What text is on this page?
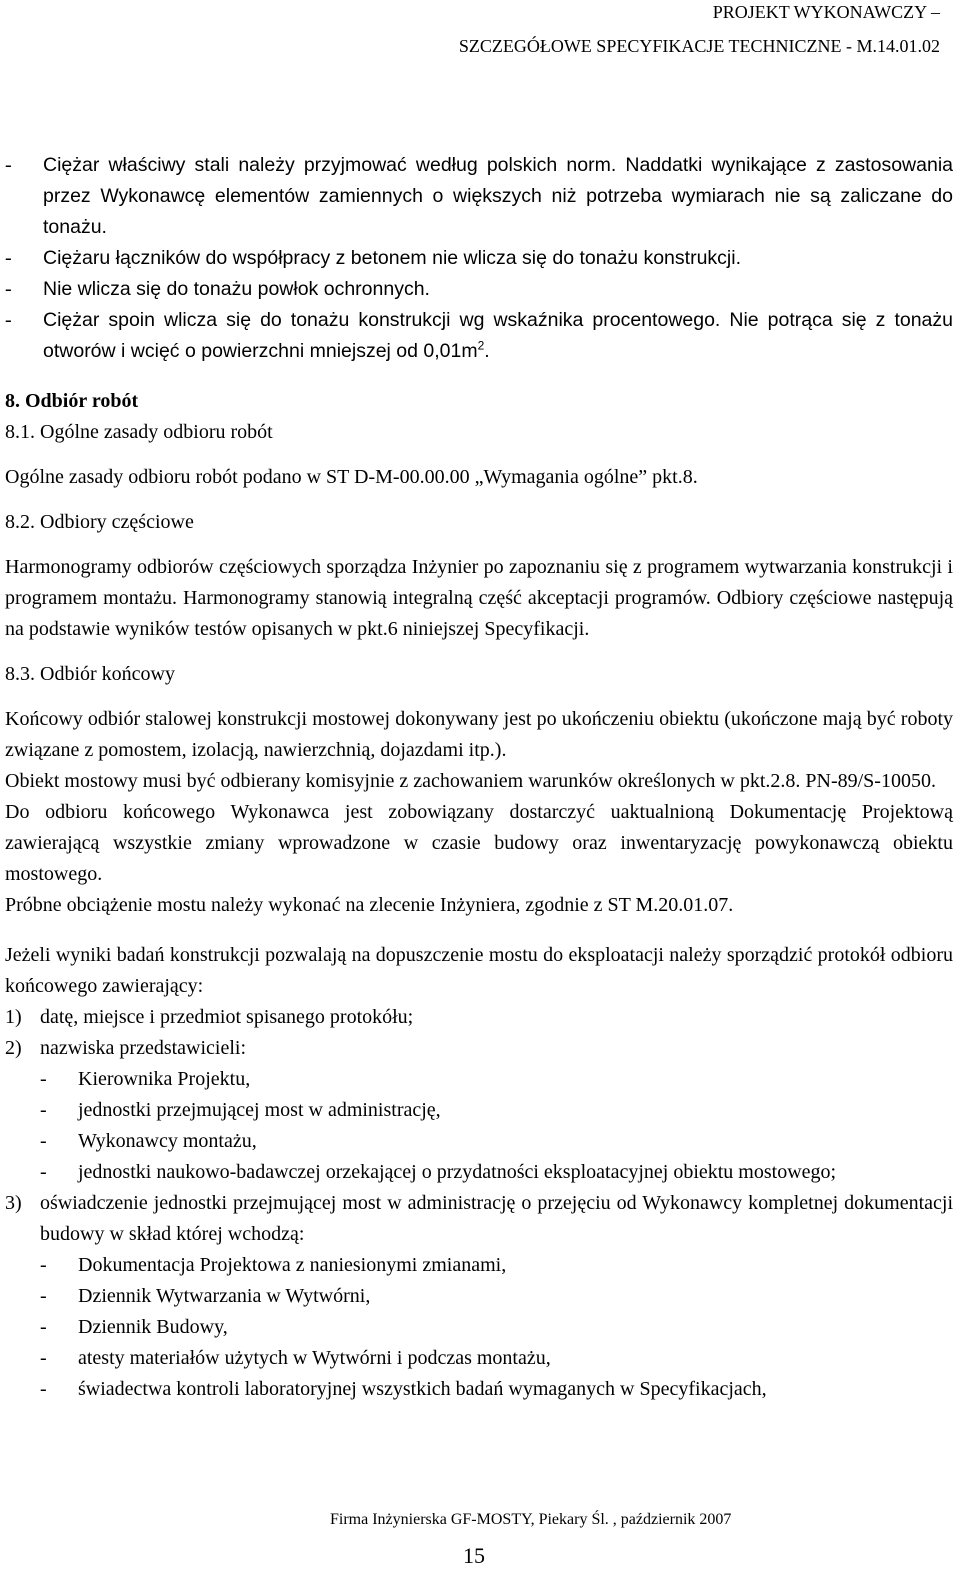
PROJEKT WYKONAWCZY –
SZCZEGÓŁOWE SPECYFIKACJE TECHNICZNE - M.14.01.02
-	Ciężar właściwy stali należy przyjmować według polskich norm. Naddatki wynikające z zastosowania przez Wykonawcę elementów zamiennych o większych niż potrzeba wymiarach nie są zaliczane do tonażu.
-	Ciężaru łączników do współpracy z betonem nie wlicza się do tonażu konstrukcji.
-	Nie wlicza się do tonażu powłok ochronnych.
-	Ciężar spoin wlicza się do tonażu konstrukcji wg wskaźnika procentowego. Nie potrąca się z tonażu otworów i wcięć o powierzchni mniejszej od $0,01m^2$.
8. Odbiór robót
8.1. Ogólne zasady odbioru robót
Ogólne zasady odbioru robót podano w ST D-M-00.00.00 „Wymagania ogólne” pkt.8.
8.2. Odbiory częściowe
Harmonogramy odbiorów częściowych sporządza Inżynier po zapoznaniu się z programem wytwarzania konstrukcji i programem montażu. Harmonogramy stanowią integralną część akceptacji programów. Odbiory częściowe następują na podstawie wyników testów opisanych w pkt.6 niniejszej Specyfikacji.
8.3. Odbiór końcowy
Końcowy odbiór stalowej konstrukcji mostowej dokonywany jest po ukończeniu obiektu (ukończone mają być roboty związane z pomostem, izolacją, nawierzchnią, dojazdami itp.).
Obiekt mostowy musi być odbierany komisyjnie z zachowaniem warunków określonych w pkt.2.8. PN-89/S-10050.
Do odbioru końcowego Wykonawca jest zobowiązany dostarczyć uaktualnioną Dokumentację Projektową zawierającą wszystkie zmiany wprowadzone w czasie budowy oraz inwentaryzację powykonawczą obiektu mostowego.
Próbne obciążenie mostu należy wykonać na zlecenie Inżyniera, zgodnie z ST M.20.01.07.
Jeżeli wyniki badań konstrukcji pozwalają na dopuszczenie mostu do eksploatacji należy sporządzić protokół odbioru końcowego zawierający:
1) datę, miejsce i przedmiot spisanego protokółu;
2) nazwiska przedstawicieli:
-	Kierownika Projektu,
-	jednostki przejmującej most w administrację,
-	Wykonawcy montażu,
-	jednostki naukowo-badawczej orzekającej o przydatności eksploatacyjnej obiektu mostowego;
3) oświadczenie jednostki przejmującej most w administrację o przejęciu od Wykonawcy kompletnej dokumentacji budowy w skład której wchodzą:
-	Dokumentacja Projektowa z naniesionymi zmianami,
-	Dziennik Wytwarzania w Wytwórni,
-	Dziennik Budowy,
-	atesty materiałów użytych w Wytwórni i podczas montażu,
-	świadectwa kontroli laboratoryjnej wszystkich badań wymaganych w Specyfikacjach,
Firma Inżynierska GF-MOSTY, Piekary Śl. , październik 2007
15
